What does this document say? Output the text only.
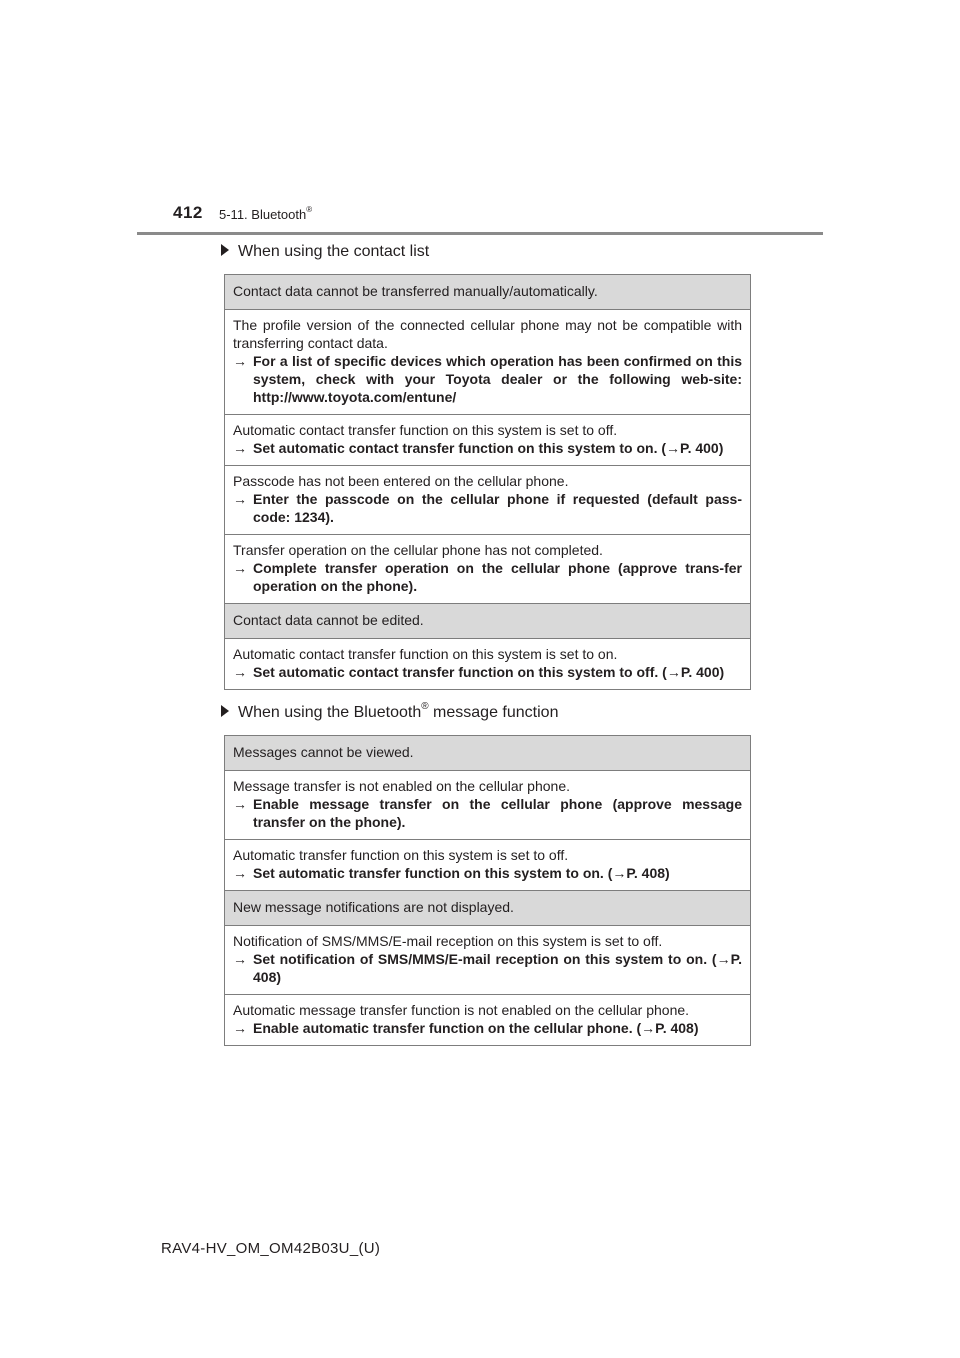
412 5-11. Bluetooth®
When using the contact list
Contact data cannot be transferred manually/automatically.

The profile version of the connected cellular phone may not be compatible with transferring contact data.
→ For a list of specific devices which operation has been confirmed on this system, check with your Toyota dealer or the following web-site: http://www.toyota.com/entune/

Automatic contact transfer function on this system is set to off.
→ Set automatic contact transfer function on this system to on. (→P. 400)

Passcode has not been entered on the cellular phone.
→ Enter the passcode on the cellular phone if requested (default pass-code: 1234).

Transfer operation on the cellular phone has not completed.
→ Complete transfer operation on the cellular phone (approve trans-fer operation on the phone).

Contact data cannot be edited.

Automatic contact transfer function on this system is set to on.
→ Set automatic contact transfer function on this system to off. (→P. 400)
When using the Bluetooth® message function
Messages cannot be viewed.

Message transfer is not enabled on the cellular phone.
→ Enable message transfer on the cellular phone (approve message transfer on the phone).

Automatic transfer function on this system is set to off.
→ Set automatic transfer function on this system to on. (→P. 408)

New message notifications are not displayed.

Notification of SMS/MMS/E-mail reception on this system is set to off.
→ Set notification of SMS/MMS/E-mail reception on this system to on. (→P. 408)

Automatic message transfer function is not enabled on the cellular phone.
→ Enable automatic transfer function on the cellular phone. (→P. 408)
RAV4-HV_OM_OM42B03U_(U)
